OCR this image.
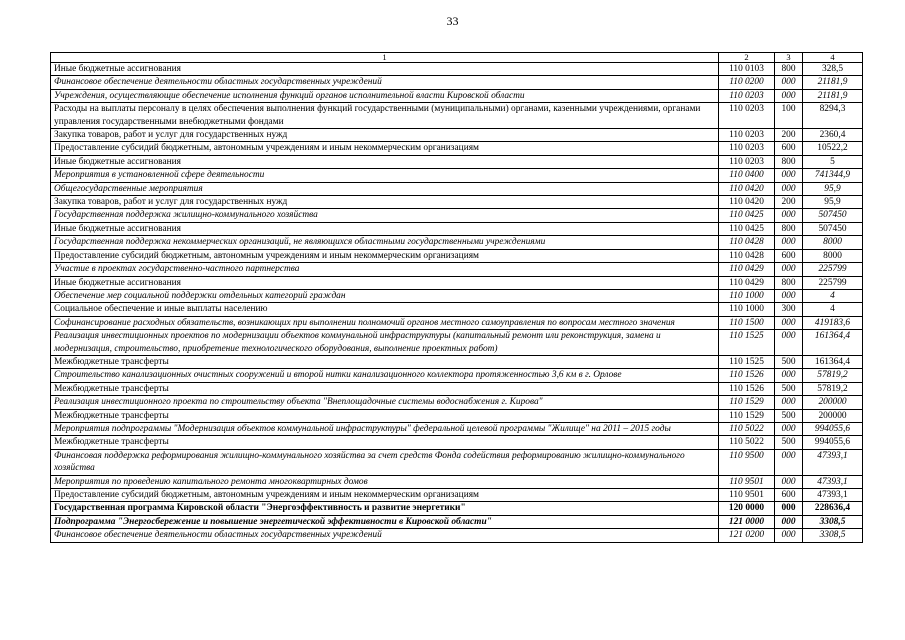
33
1	2	3	4
Иные бюджетные ассигнования	110 0103	800	328,5
Финансовое обеспечение деятельности областных государственных учреждений	110 0200	000	21181,9
Учреждения, осуществляющие обеспечение исполнения функций органов исполнительной власти Кировской области	110 0203	000	21181,9
Расходы на выплаты персоналу в целях обеспечения выполнения функций государственными (муниципальными) органами, казенными учреждениями, органами управления государственными внебюджетными фондами	110 0203	100	8294,3
Закупка товаров, работ и услуг для государственных нужд	110 0203	200	2360,4
Предоставление субсидий бюджетным, автономным учреждениям и иным некоммерческим организациям	110 0203	600	10522,2
Иные бюджетные ассигнования	110 0203	800	5
Мероприятия в установленной сфере деятельности	110 0400	000	741344,9
Общегосударственные мероприятия	110 0420	000	95,9
Закупка товаров, работ и услуг для государственных нужд	110 0420	200	95,9
Государственная поддержка жилищно-коммунального хозяйства	110 0425	000	507450
Иные бюджетные ассигнования	110 0425	800	507450
Государственная поддержка некоммерческих организаций, не являющихся областными государственными учреждениями	110 0428	000	8000
Предоставление субсидий бюджетным, автономным учреждениям и иным некоммерческим организациям	110 0428	600	8000
Участие в проектах государственно-частного партнерства	110 0429	000	225799
Иные бюджетные ассигнования	110 0429	800	225799
Обеспечение мер социальной поддержки отдельных категорий граждан	110 1000	000	4
Социальное обеспечение и иные выплаты населению	110 1000	300	4
Софинансирование расходных обязательств, возникающих при выполнении полномочий органов местного самоуправления по вопросам местного значения	110 1500	000	419183,6
Реализация инвестиционных проектов по модернизации объектов коммунальной инфраструктуры (капитальный ремонт или реконструкция, замена и модернизация, строительство, приобретение технологического оборудования, выполнение проектных работ)	110 1525	000	161364,4
Межбюджетные трансферты	110 1525	500	161364,4
Строительство канализационных очистных сооружений и второй нитки канализационного коллектора протяженностью 3,6 км в г. Орлове	110 1526	000	57819,2
Межбюджетные трансферты	110 1526	500	57819,2
Реализация инвестиционного проекта по строительству объекта "Внеплощадочные системы водоснабжения г. Кирова"	110 1529	000	200000
Межбюджетные трансферты	110 1529	500	200000
Мероприятия подпрограммы "Модернизация объектов коммунальной инфраструктуры" федеральной целевой программы "Жилище" на 2011 – 2015 годы	110 5022	000	994055,6
Межбюджетные трансферты	110 5022	500	994055,6
Финансовая поддержка реформирования жилищно-коммунального хозяйства за счет средств Фонда содействия реформированию жилищно-коммунального хозяйства	110 9500	000	47393,1
Мероприятия по проведению капитального ремонта многоквартирных домов	110 9501	000	47393,1
Предоставление субсидий бюджетным, автономным учреждениям и иным некоммерческим организациям	110 9501	600	47393,1
Государственная программа Кировской области "Энергоэффективность и развитие энергетики"	120 0000	000	228636,4
Подпрограмма "Энергосбережение и повышение энергетической эффективности в Кировской области"	121 0000	000	3308,5
Финансовое обеспечение деятельности областных государственных учреждений	121 0200	000	3308,5
